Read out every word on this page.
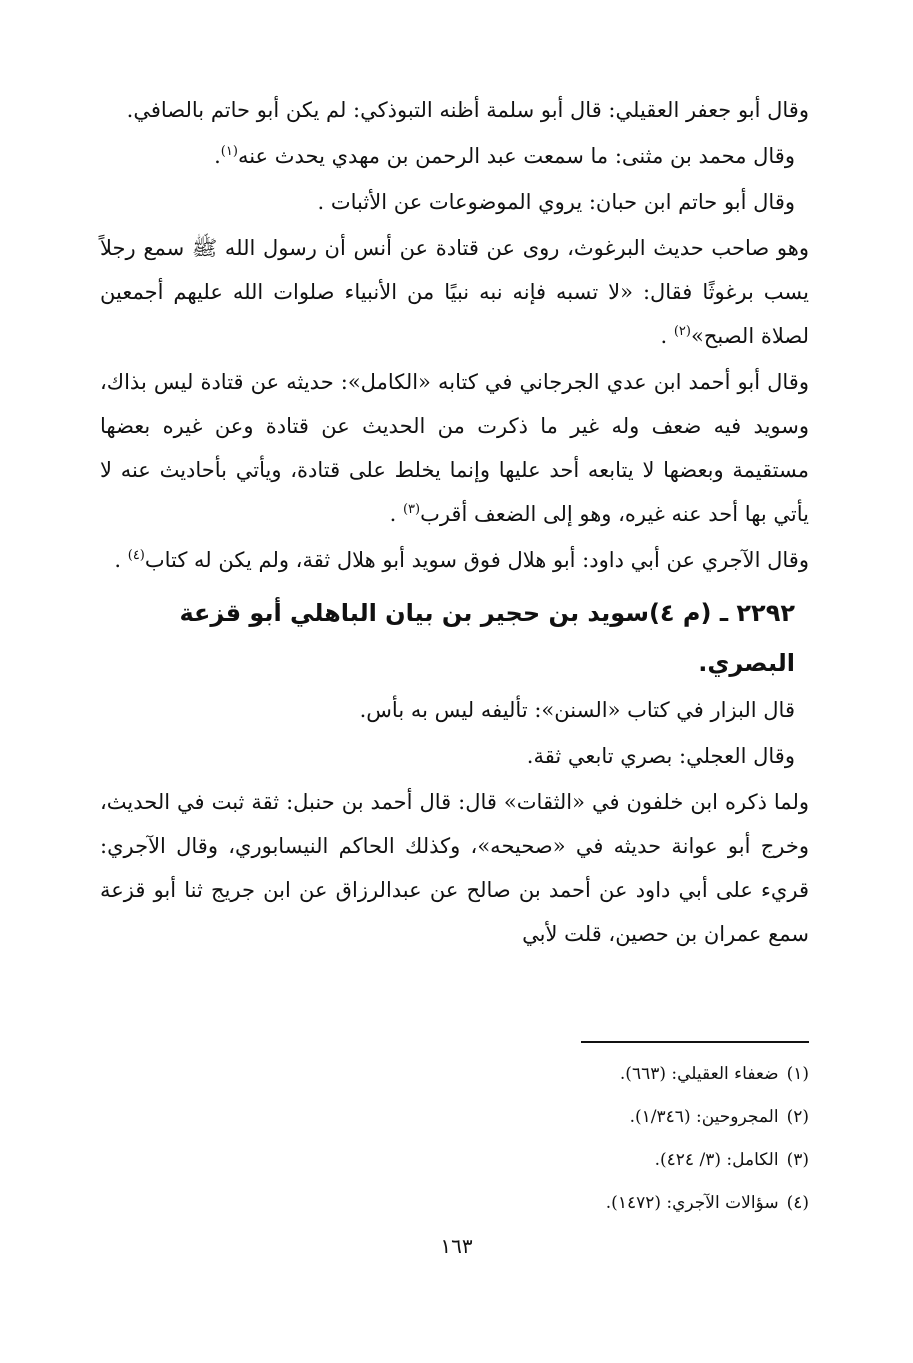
وقال أبو جعفر العقيلي: قال أبو سلمة أظنه التبوذكي: لم يكن أبو حاتم بالصافي.

وقال محمد بن مثنى: ما سمعت عبد الرحمن بن مهدي يحدث عنه$^{(١)}$.

وقال أبو حاتم ابن حبان: يروي الموضوعات عن الأثبات .

وهو صاحب حديث البرغوث، روى عن قتادة عن أنس أن رسول الله ﷺ سمع رجلاً يسب برغوثًا فقال: «لا تسبه فإنه نبه نبيًا من الأنبياء صلوات الله عليهم أجمعين لصلاة الصبح»$^{(٢)}$ .

وقال أبو أحمد ابن عدي الجرجاني في كتابه «الكامل»: حديثه عن قتادة ليس بذاك، وسويد فيه ضعف وله غير ما ذكرت من الحديث عن قتادة وعن غيره بعضها مستقيمة وبعضها لا يتابعه أحد عليها وإنما يخلط على قتادة، ويأتي بأحاديث عنه لا يأتي بها أحد عنه غيره، وهو إلى الضعف أقرب$^{(٣)}$ .

وقال الآجري عن أبي داود: أبو هلال فوق سويد أبو هلال ثقة، ولم يكن له كتاب$^{(٤)}$ .

٢٢٩٢ ـ (م ٤)سويد بن حجير بن بيان الباهلي أبو قزعة البصري.

قال البزار في كتاب «السنن»: تأليفه ليس به بأس.

وقال العجلي: بصري تابعي ثقة.

ولما ذكره ابن خلفون في «الثقات» قال: قال أحمد بن حنبل: ثقة ثبت في الحديث، وخرج أبو عوانة حديثه في «صحيحه»، وكذلك الحاكم النيسابوري، وقال الآجري: قريء على أبي داود عن أحمد بن صالح عن عبدالرزاق عن ابن جريج ثنا أبو قزعة سمع عمران بن حصين، قلت لأبي

(١)ضعفاء العقيلي: (٦٦٣).

(٢)المجروحين: (١/٣٤٦).

(٣)الكامل: (٣/ ٤٢٤).

(٤)سؤالات الآجري: (١٤٧٢).

١٦٣
